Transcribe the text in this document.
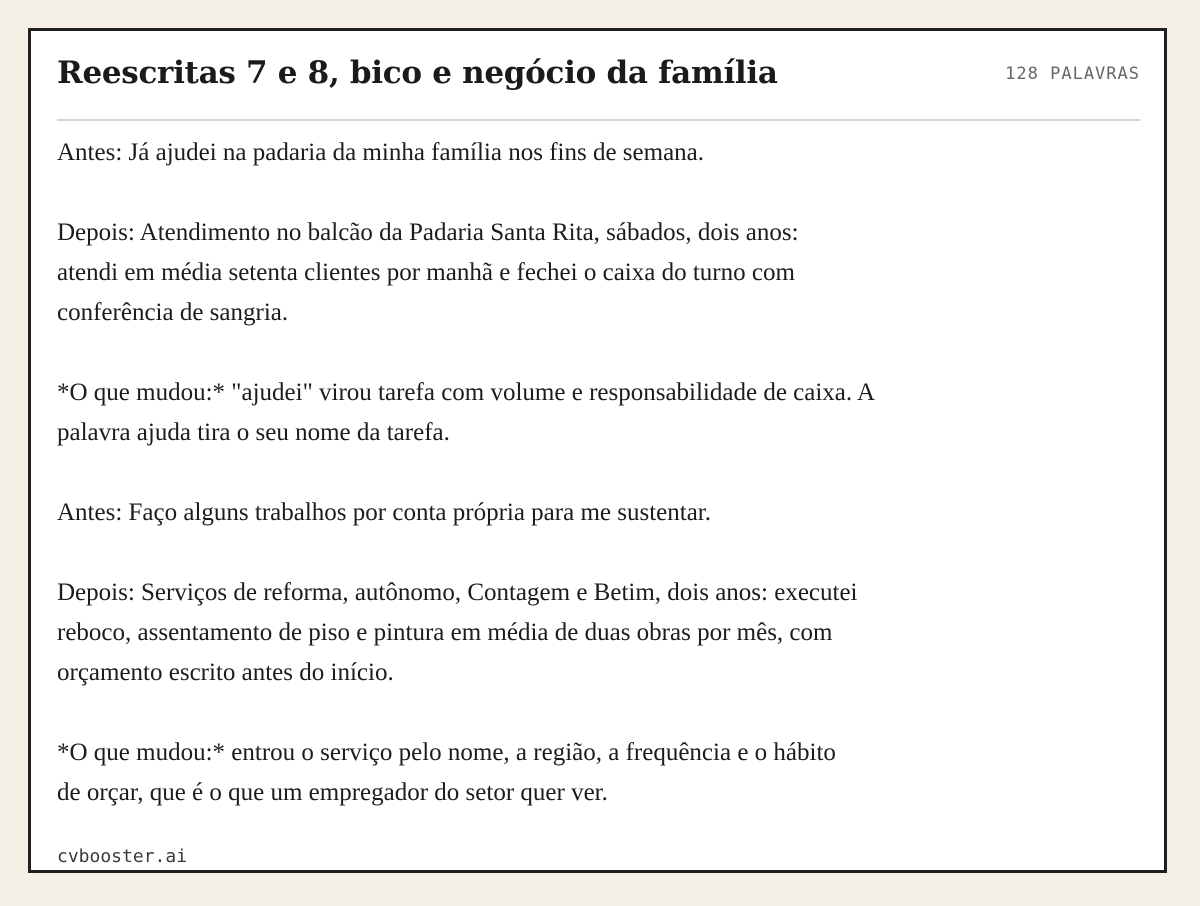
Reescritas 7 e 8, bico e negócio da família	128 PALAVRAS

Antes: Já ajudei na padaria da minha família nos fins de semana.

Depois: Atendimento no balcão da Padaria Santa Rita, sábados, dois anos:
atendi em média setenta clientes por manhã e fechei o caixa do turno com
conferência de sangria.

*O que mudou:* "ajudei" virou tarefa com volume e responsabilidade de caixa. A
palavra ajuda tira o seu nome da tarefa.

Antes: Faço alguns trabalhos por conta própria para me sustentar.

Depois: Serviços de reforma, autônomo, Contagem e Betim, dois anos: executei
reboco, assentamento de piso e pintura em média de duas obras por mês, com
orçamento escrito antes do início.

*O que mudou:* entrou o serviço pelo nome, a região, a frequência e o hábito
de orçar, que é o que um empregador do setor quer ver.

cvbooster.ai
